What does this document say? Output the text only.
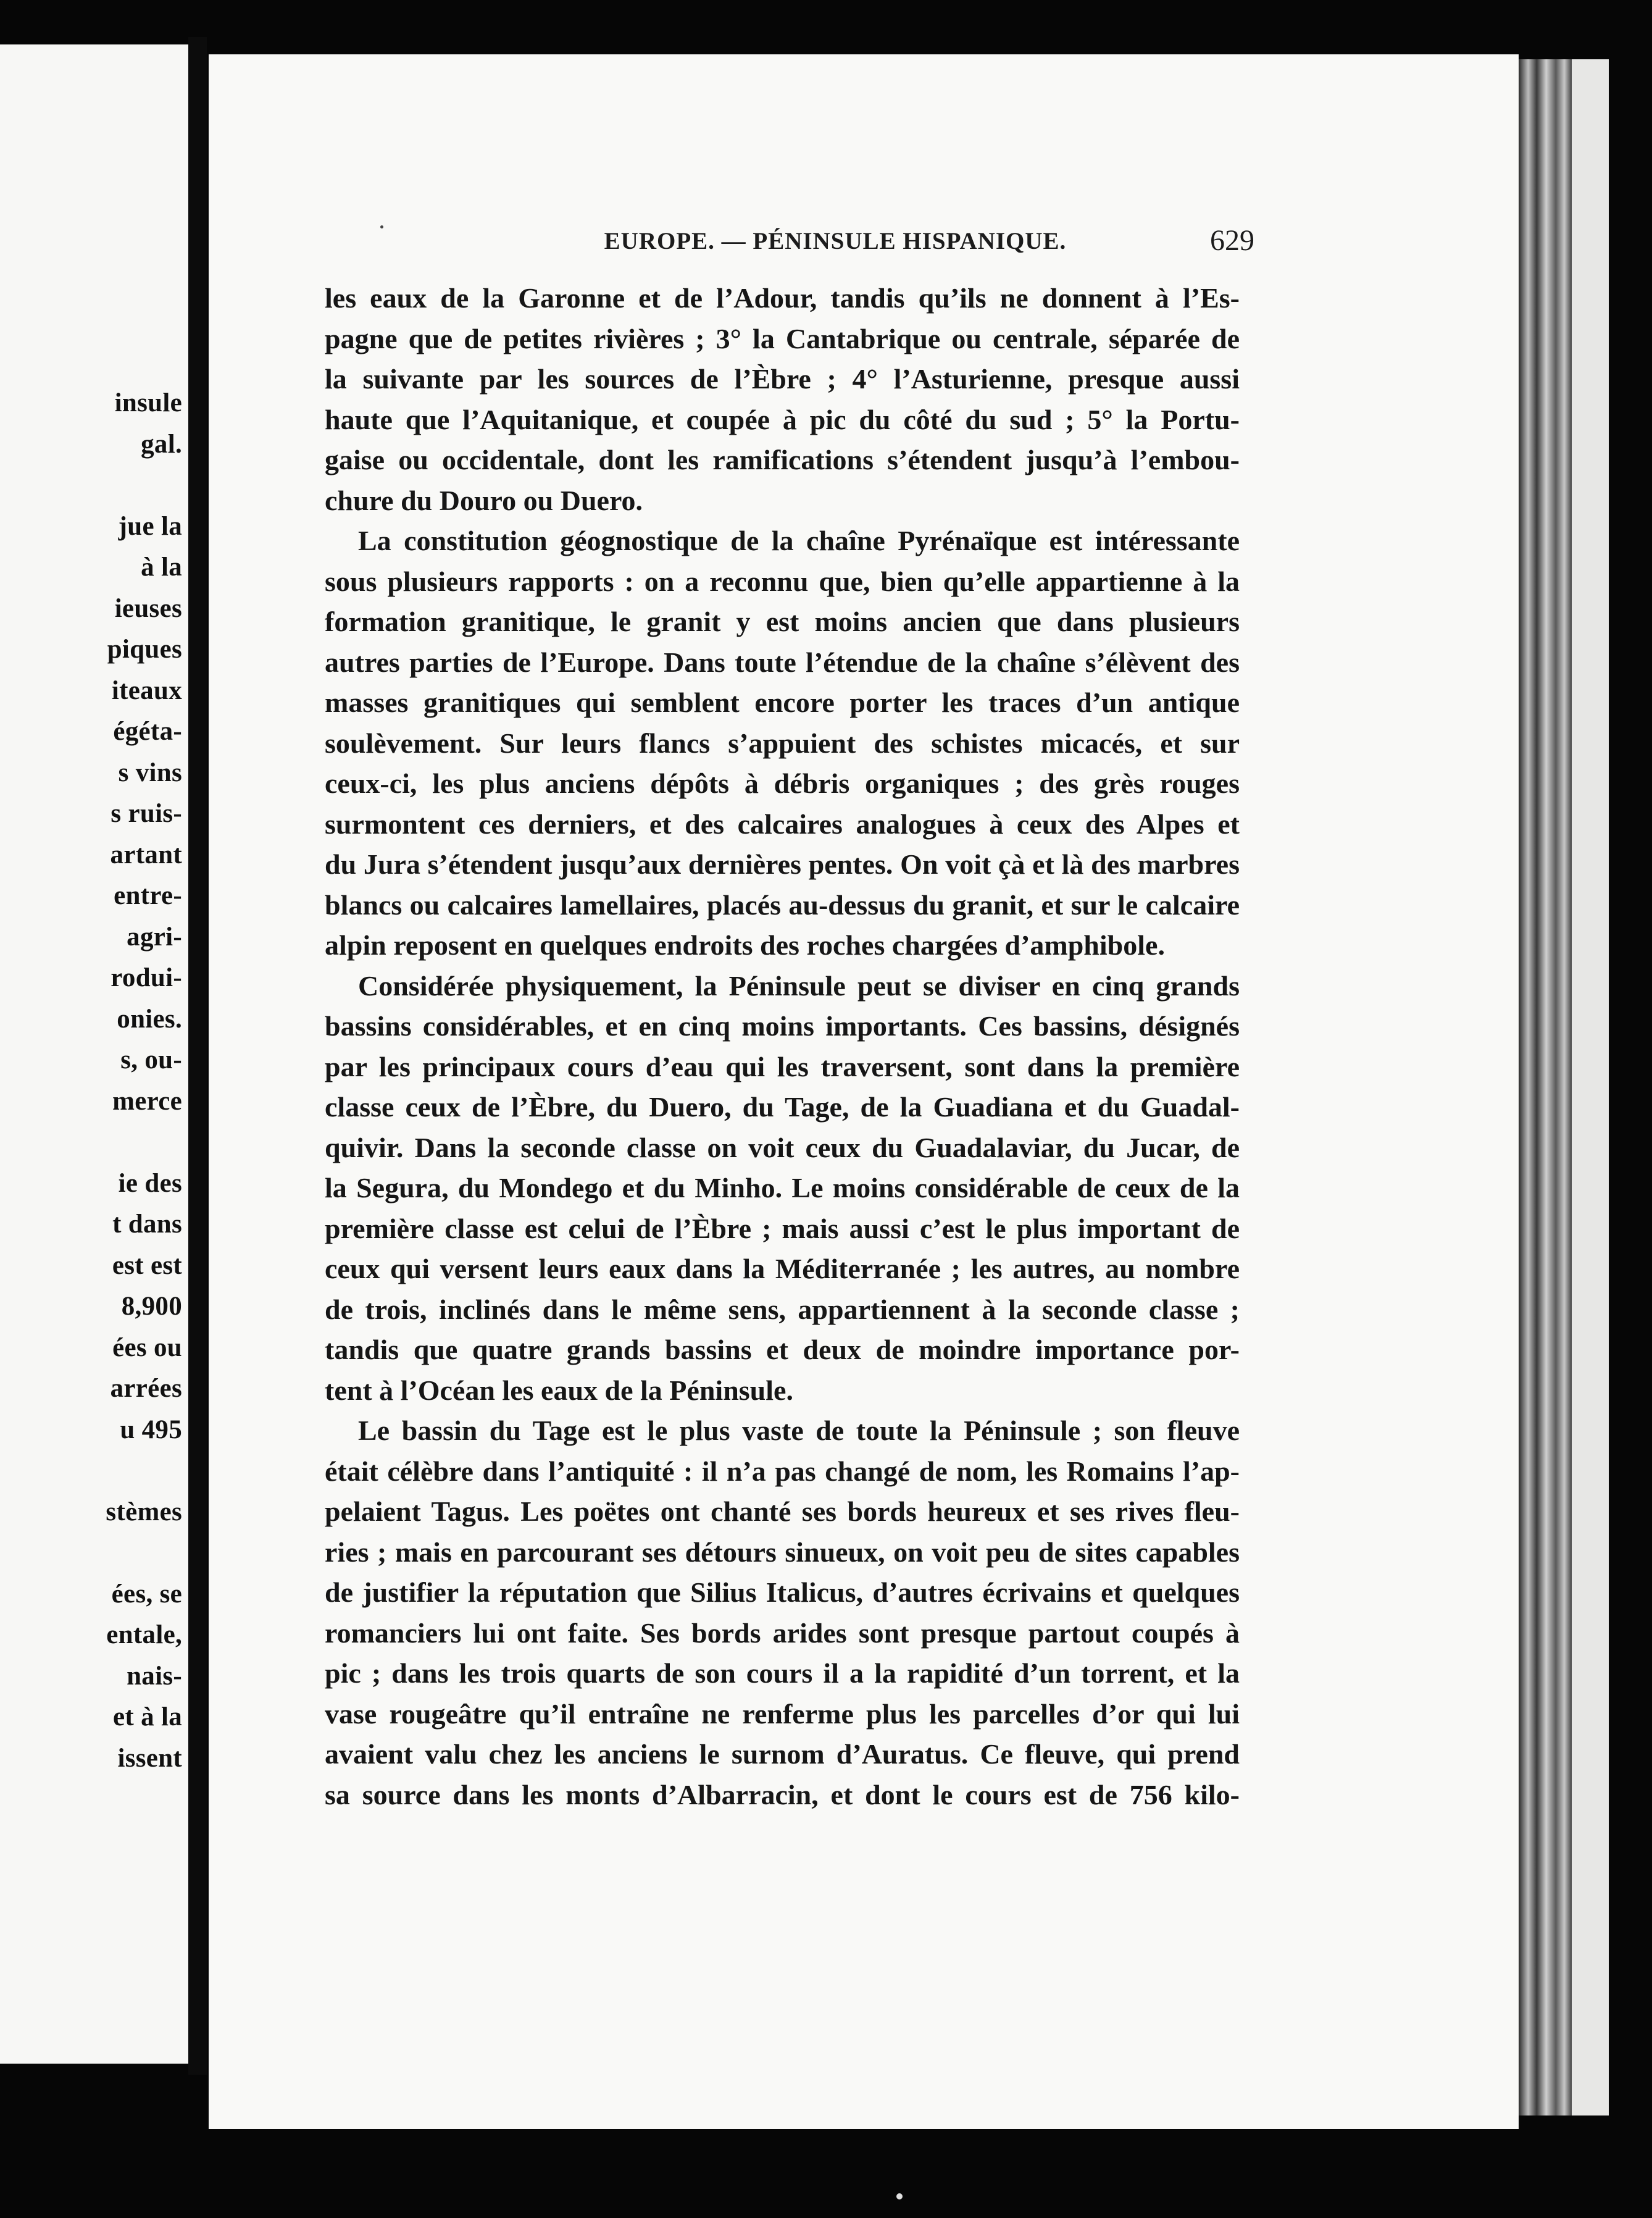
insule
gal.
jue la
à la
ieuses
piques
iteaux
égéta-
s vins
s ruis-
artant
entre-
agri-
rodui-
onies.
s, ou-
merce
ie des
t dans
est est
8,900
ées ou
arrées
u 495
stèmes
ées, se
entale,
nais-
et à la
issent
EUROPE. — PÉNINSULE HISPANIQUE.	629
les eaux de la Garonne et de l’Adour, tandis qu’ils ne donnent à l’Es-
pagne que de petites rivières ; 3° la Cantabrique ou centrale, séparée de
la suivante par les sources de l’Èbre ; 4° l’Asturienne, presque aussi
haute que l’Aquitanique, et coupée à pic du côté du sud ; 5° la Portu-
gaise ou occidentale, dont les ramifications s’étendent jusqu’à l’embou-
chure du Douro ou Duero.
La constitution géognostique de la chaîne Pyrénaïque est intéressante
sous plusieurs rapports : on a reconnu que, bien qu’elle appartienne à la
formation granitique, le granit y est moins ancien que dans plusieurs
autres parties de l’Europe. Dans toute l’étendue de la chaîne s’élèvent des
masses granitiques qui semblent encore porter les traces d’un antique
soulèvement. Sur leurs flancs s’appuient des schistes micacés, et sur
ceux-ci, les plus anciens dépôts à débris organiques ; des grès rouges
surmontent ces derniers, et des calcaires analogues à ceux des Alpes et
du Jura s’étendent jusqu’aux dernières pentes. On voit çà et là des marbres
blancs ou calcaires lamellaires, placés au-dessus du granit, et sur le calcaire
alpin reposent en quelques endroits des roches chargées d’amphibole.
Considérée physiquement, la Péninsule peut se diviser en cinq grands
bassins considérables, et en cinq moins importants. Ces bassins, désignés
par les principaux cours d’eau qui les traversent, sont dans la première
classe ceux de l’Èbre, du Duero, du Tage, de la Guadiana et du Guadal-
quivir. Dans la seconde classe on voit ceux du Guadalaviar, du Jucar, de
la Segura, du Mondego et du Minho. Le moins considérable de ceux de la
première classe est celui de l’Èbre ; mais aussi c’est le plus important de
ceux qui versent leurs eaux dans la Méditerranée ; les autres, au nombre
de trois, inclinés dans le même sens, appartiennent à la seconde classe ;
tandis que quatre grands bassins et deux de moindre importance por-
tent à l’Océan les eaux de la Péninsule.
Le bassin du Tage est le plus vaste de toute la Péninsule ; son fleuve
était célèbre dans l’antiquité : il n’a pas changé de nom, les Romains l’ap-
pelaient Tagus. Les poëtes ont chanté ses bords heureux et ses rives fleu-
ries ; mais en parcourant ses détours sinueux, on voit peu de sites capables
de justifier la réputation que Silius Italicus, d’autres écrivains et quelques
romanciers lui ont faite. Ses bords arides sont presque partout coupés à
pic ; dans les trois quarts de son cours il a la rapidité d’un torrent, et la
vase rougeâtre qu’il entraîne ne renferme plus les parcelles d’or qui lui
avaient valu chez les anciens le surnom d’Auratus. Ce fleuve, qui prend
sa source dans les monts d’Albarracin, et dont le cours est de 756 kilo-
